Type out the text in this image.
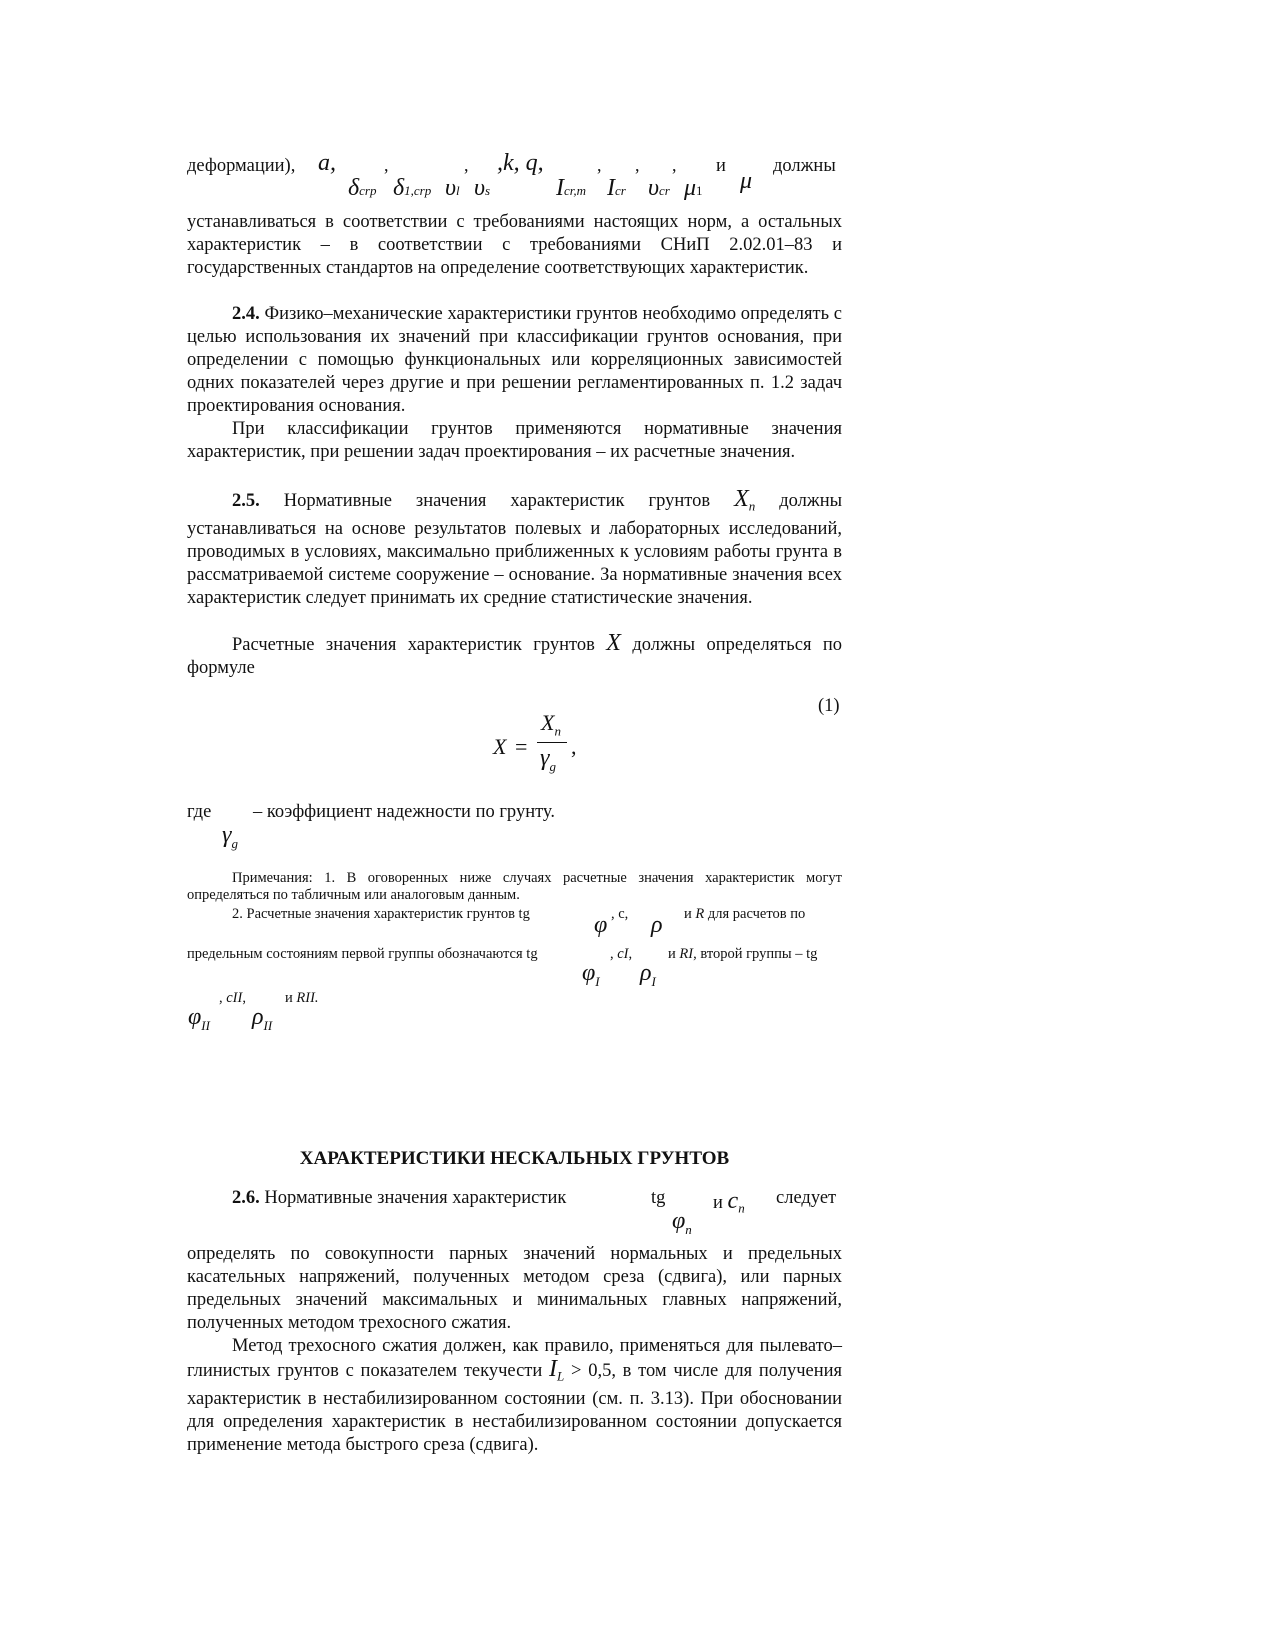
деформации), a,
δcrp
,
δ1,crp υl
,
υs
,k, q,
Icr,m
,
Icr
,
υcr
,
μ1
и
μ
должны

устанавливаться в соответствии с требованиями настоящих норм, а остальных характеристик – в соответствии с требованиями СНиП 2.02.01–83 и государственных стандартов на определение соответствующих характеристик.

2.4. Физико–механические характеристики грунтов необходимо определять с целью использования их значений при классификации грунтов основания, при определении с помощью функциональных или корреляционных зависимостей одних показателей через другие и при решении регламентированных п. 1.2 задач проектирования основания.

При классификации грунтов применяются нормативные значения характеристик, при решении задач проектирования – их расчетные значения.

2.5. Нормативные значения характеристик грунтов $X_n$ должны устанавливаться на основе результатов полевых и лабораторных исследований, проводимых в условиях, максимально приближенных к условиям работы грунта в рассматриваемой системе сооружение – основание. За нормативные значения всех характеристик следует принимать их средние статистические значения.

Расчетные значения характеристик грунтов X должны определяться по формуле

(1)
X =
$X_n$
$\gamma_g$
,
где – коэффициент надежности по грунту.
$\gamma_g$

Примечания: 1. В оговоренных ниже случаях расчетные значения характеристик могут определяться по табличным или аналоговым данным.

2. Расчетные значения характеристик грунтов tg	φ , c, ρ и R для расчетов по
предельным состояниям первой группы обозначаются tg
$\varphi_I$
, cI,
$\rho_I$
и RI, второй группы – tg
, cII,	и RII.
$\varphi_{II}$ $\rho_{II}$
ХАРАКТЕРИСТИКИ НЕСКАЛЬНЫХ ГРУНТОВ
2.6. Нормативные значения характеристик	tg
$\varphi_n$
и $c_n$
следует

определять по совокупности парных значений нормальных и предельных касательных напряжений, полученных методом среза (сдвига), или парных предельных значений максимальных и минимальных главных напряжений, полученных методом трехосного сжатия.

Метод трехосного сжатия должен, как правило, применяться для пылевато–глинистых грунтов с показателем текучести $I_L > 0,5$, в том числе для получения характеристик в нестабилизированном состоянии (см. п. 3.13). При обосновании для определения характеристик в нестабилизированном состоянии допускается применение метода быстрого среза (сдвига).
